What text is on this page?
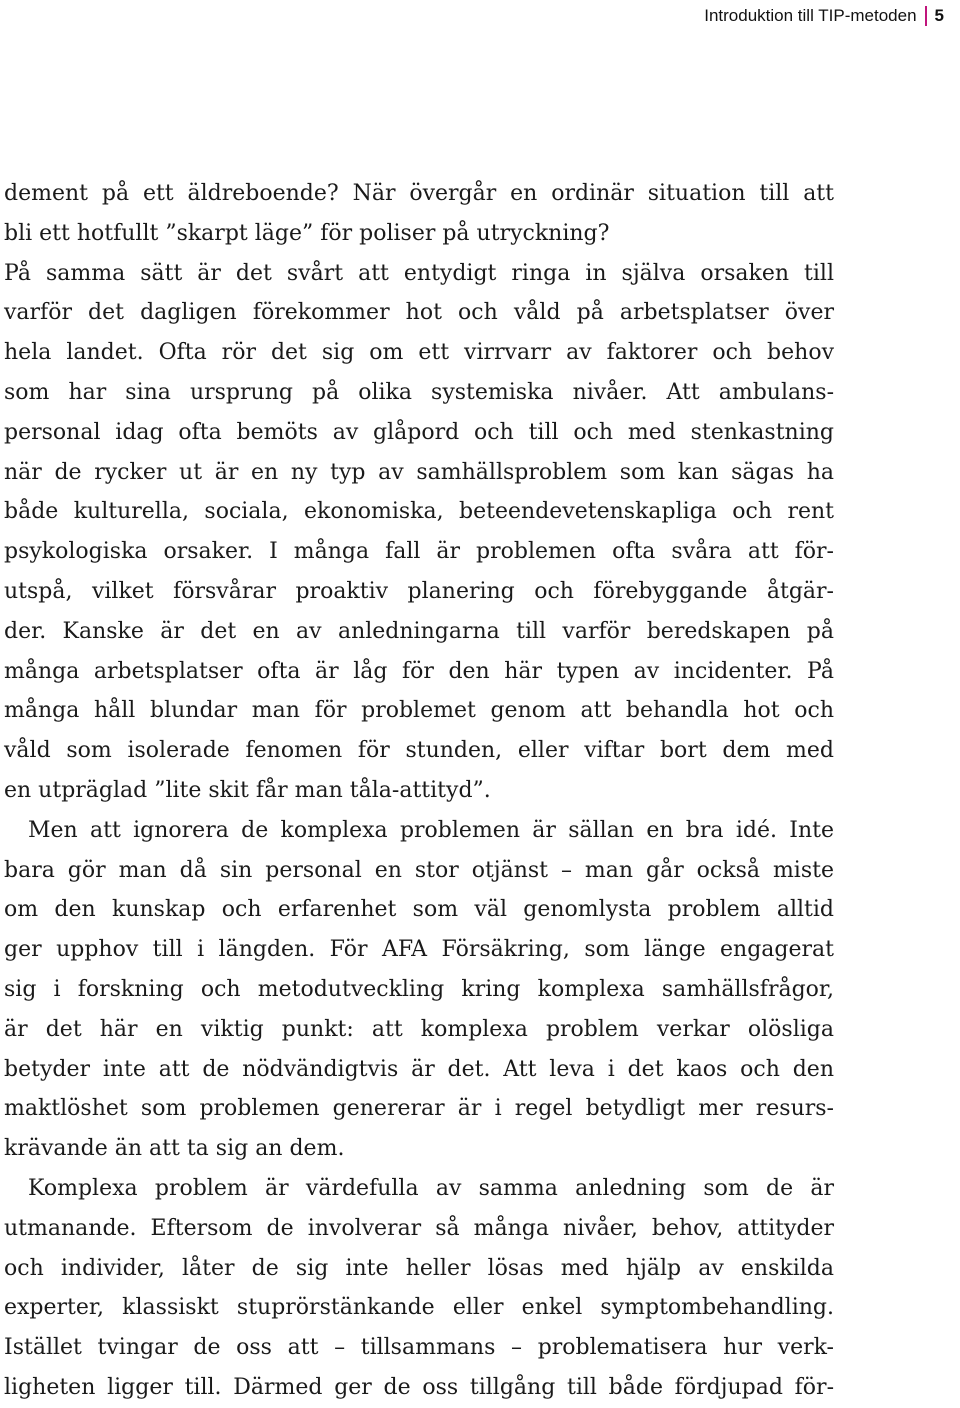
Introduktion till TIP-metoden 5
dement på ett äldreboende? När övergår en ordinär situation till att
bli ett hotfullt ”skarpt läge” för poliser på utryckning?
På samma sätt är det svårt att entydigt ringa in själva orsaken till
varför det dagligen förekommer hot och våld på arbetsplatser över
hela landet. Ofta rör det sig om ett virrvarr av faktorer och behov
som har sina ursprung på olika systemiska nivåer. Att ambulans-
personal idag ofta bemöts av glåpord och till och med stenkastning
när de rycker ut är en ny typ av samhällsproblem som kan sägas ha
både kulturella, sociala, ekonomiska, beteendevetenskapliga och rent
psykologiska orsaker. I många fall är problemen ofta svåra att för-
utspå, vilket försvårar proaktiv planering och förebyggande åtgär-
der. Kanske är det en av anledningarna till varför beredskapen på
många arbetsplatser ofta är låg för den här typen av incidenter. På
många håll blundar man för problemet genom att behandla hot och
våld som isolerade fenomen för stunden, eller viftar bort dem med
en utpräglad ”lite skit får man tåla-attityd”.
Men att ignorera de komplexa problemen är sällan en bra idé. Inte
bara gör man då sin personal en stor otjänst – man går också miste
om den kunskap och erfarenhet som väl genomlysta problem alltid
ger upphov till i längden. För AFA Försäkring, som länge engagerat
sig i forskning och metodutveckling kring komplexa samhällsfrågor,
är det här en viktig punkt: att komplexa problem verkar olösliga
betyder inte att de nödvändigtvis är det. Att leva i det kaos och den
maktlöshet som problemen genererar är i regel betydligt mer resurs-
krävande än att ta sig an dem.
Komplexa problem är värdefulla av samma anledning som de är
utmanande. Eftersom de involverar så många nivåer, behov, attityder
och individer, låter de sig inte heller lösas med hjälp av enskilda
experter, klassiskt stuprörstänkande eller enkel symptombehandling.
Istället tvingar de oss att – tillsammans – problematisera hur verk-
ligheten ligger till. Därmed ger de oss tillgång till både fördjupad för-
